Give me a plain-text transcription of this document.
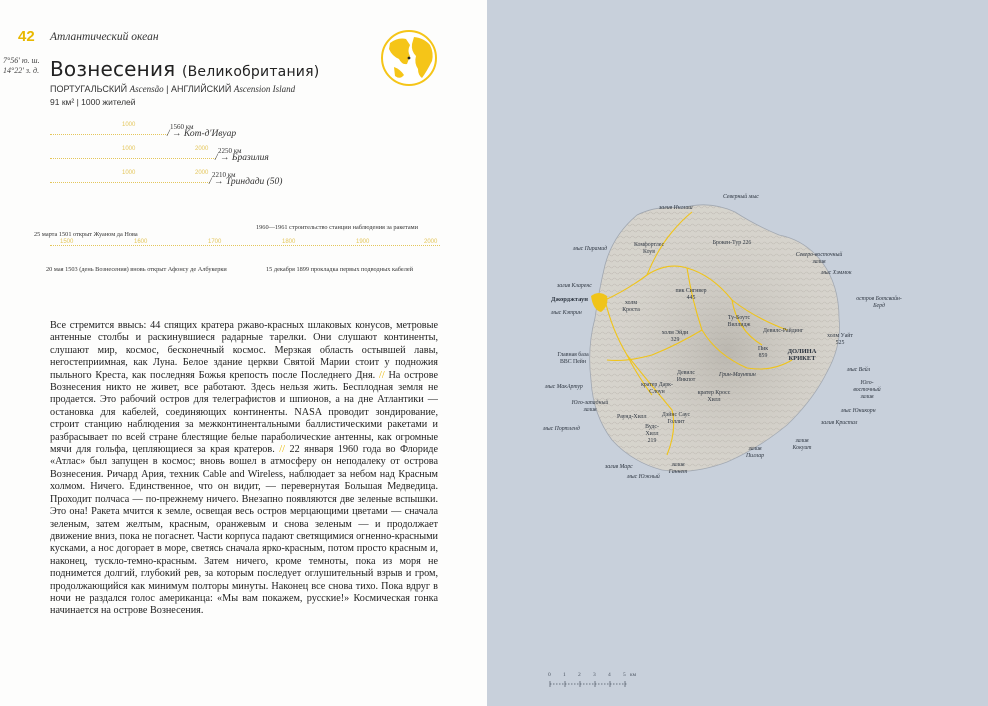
42 Атлантический океан
7°56' ю. ш.
14°22' з. д. Вознесения (Великобритания)
ПОРТУГАЛЬСКИЙ Ascensão | АНГЛИЙСКИЙ Ascension Island
91 км² | 1000 жителей
1000	1560 км
/ → Кот-д'Ивуар
1000	2000 2250 км
/ → Бразилия
1000	2000 2210 км
/ → Триндади (50)
25 марта 1501 открыт Жуаном да Нова
1960—1961 строительство станции наблюдения за ракетами
1500	1600	1700	1800	1900	2000
20 мая 1503 (день Вознесения) вновь открыт Афонсу де Албукерки	15 декабря 1899 прокладка первых подводных кабелей
Все стремится ввысь: 44 спящих кратера ржаво-красных шлаковых конусов, метровые антенные столбы и раскинувшиеся радарные тарелки. Они слушают континенты, слушают мир, космос, бесконечный космос. Мерзкая область остывшей лавы, негостеприимная, как Луна. Белое здание церкви Святой Марии стоит у подножия пыльного Креста, как последняя Божья крепость после Последнего Дня. // На острове Вознесения никто не живет, все работают. Здесь нельзя жить. Бесплодная земля не продается. Это рабочий остров для телеграфистов и шпионов, а на дне Атлантики — остановка для кабелей, соединяющих континенты. NASA проводит зондирование, строит станцию наблюдения за межконтинентальными баллистическими ракетами и разбрасывает по всей стране блестящие белые параболические антенны, как огромные мячи для гольфа, цепляющиеся за края кратеров. // 22 января 1960 года во Флориде «Атлас» был запущен в космос; вновь вошел в атмосферу он неподалеку от острова Вознесения. Ричард Ария, техник Cable and Wireless, наблюдает за небом над Красным холмом. Ничего. Единственное, что он видит, — перевернутая Большая Медведица. Проходит полчаса — по-прежнему ничего. Внезапно появляются две зеленые вспышки. Это она! Ракета мчится к земле, освещая весь остров мерцающими цветами — сначала зеленым, затем желтым, красным, оранжевым и снова зеленым — и продолжает движение вниз, пока не погаснет. Части корпуса падают светящимися огненно-красными кусками, а нос догорает в море, светясь сначала ярко-красным, потом просто красным и, наконец, тускло-темно-красным. Затем ничего, кроме темноты, пока из моря не поднимется долгий, глубокий рев, за которым последует оглушительный взрыв и гром, продолжающийся как минимум полторы минуты. Наконец все снова тихо. Пока вдруг в ночи не раздался голос американца: «Мы вам покажем, русские!» Космическая гонка начинается на острове Вознесения.
залив Инглиш
Северный мыс
мыс Пирамид
Комфортлес Коув
Брокен-Тур 226
Северо-восточный залив
мыс Хэммок
залив Кларенс
пик Сигнвер 445
Джорджтаун	холм Кроста
Ту-Боутс Виллидж
Девилс-Райдинг
остров Ботсвайн-Берд
мыс Кэтрин
холм Эйди 329
холм Уайт 525
Главная база ВВС Пейн
Пик 859
ДОЛИНА КРИКЕТ
мыс Вейл
мыс МакАртур
Девилс Инкпот
Грин-Маунтин
Юго-восточный залив
Юго-западный залив
кратер Дарк-Слоун	кратер Кросс Хилл
мыс Юникорн
Раунд-Хилл
мыс Портленд
залив Кристал
Дэйнс Саус Голлит
Вудс-Хилл 219	залив Кокуит
залив Пиллар
залив Марс	залив Ганнет
мыс Южный
0 1 2 3 4 5 км
